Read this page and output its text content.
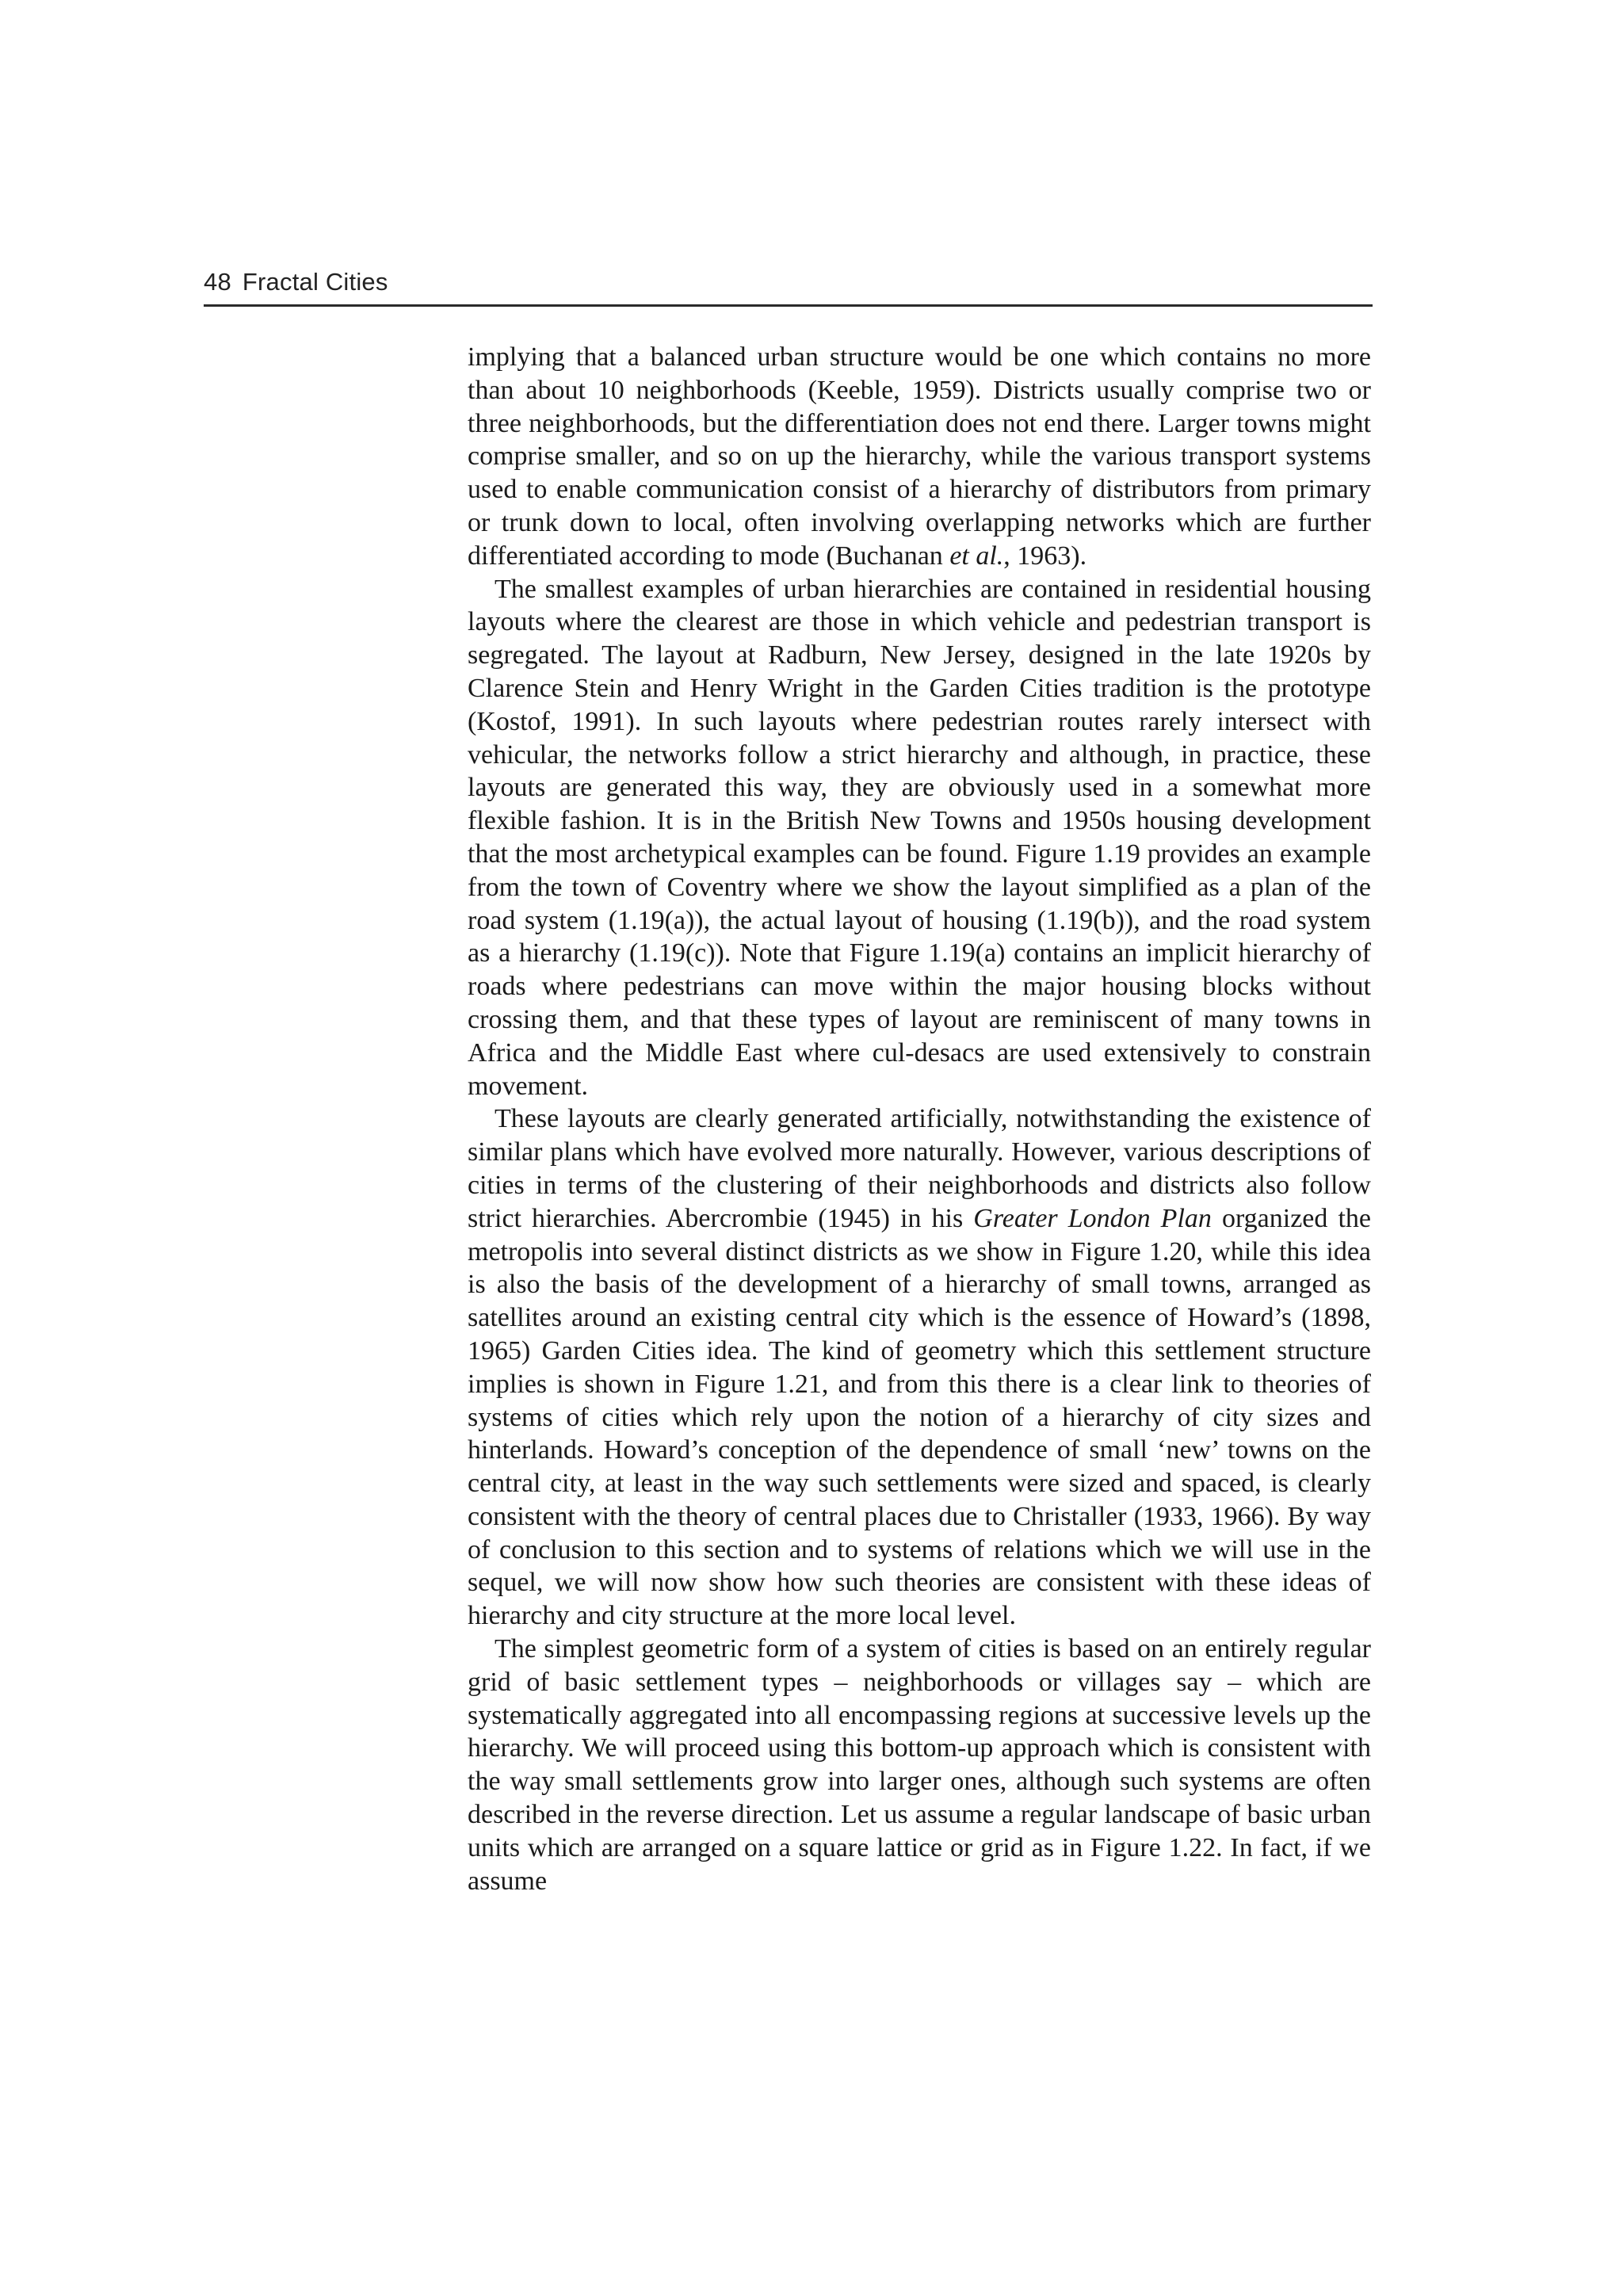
48 Fractal Cities

implying that a balanced urban structure would be one which contains no more than about 10 neighborhoods (Keeble, 1959). Districts usually comprise two or three neighborhoods, but the differentiation does not end there. Larger towns might comprise smaller, and so on up the hierarchy, while the various transport systems used to enable communication consist of a hierarchy of distributors from primary or trunk down to local, often involving overlapping networks which are further differentiated according to mode (Buchanan et al., 1963).

The smallest examples of urban hierarchies are contained in residential housing layouts where the clearest are those in which vehicle and pedestrian transport is segregated. The layout at Radburn, New Jersey, designed in the late 1920s by Clarence Stein and Henry Wright in the Garden Cities tradition is the prototype (Kostof, 1991). In such layouts where pedestrian routes rarely intersect with vehicular, the networks follow a strict hierarchy and although, in practice, these layouts are generated this way, they are obviously used in a somewhat more flexible fashion. It is in the British New Towns and 1950s housing development that the most archetypical examples can be found. Figure 1.19 provides an example from the town of Coventry where we show the layout simplified as a plan of the road system (1.19(a)), the actual layout of housing (1.19(b)), and the road system as a hierarchy (1.19(c)). Note that Figure 1.19(a) contains an implicit hierarchy of roads where pedestrians can move within the major housing blocks without crossing them, and that these types of layout are reminiscent of many towns in Africa and the Middle East where cul-desacs are used extensively to constrain movement.

These layouts are clearly generated artificially, notwithstanding the existence of similar plans which have evolved more naturally. However, various descriptions of cities in terms of the clustering of their neighborhoods and districts also follow strict hierarchies. Abercrombie (1945) in his Greater London Plan organized the metropolis into several distinct districts as we show in Figure 1.20, while this idea is also the basis of the development of a hierarchy of small towns, arranged as satellites around an existing central city which is the essence of Howard’s (1898, 1965) Garden Cities idea. The kind of geometry which this settlement structure implies is shown in Figure 1.21, and from this there is a clear link to theories of systems of cities which rely upon the notion of a hierarchy of city sizes and hinterlands. Howard’s conception of the dependence of small ‘new’ towns on the central city, at least in the way such settlements were sized and spaced, is clearly consistent with the theory of central places due to Christaller (1933, 1966). By way of conclusion to this section and to systems of relations which we will use in the sequel, we will now show how such theories are consistent with these ideas of hierarchy and city structure at the more local level.

The simplest geometric form of a system of cities is based on an entirely regular grid of basic settlement types – neighborhoods or villages say – which are systematically aggregated into all encompassing regions at successive levels up the hierarchy. We will proceed using this bottom-up approach which is consistent with the way small settlements grow into larger ones, although such systems are often described in the reverse direction. Let us assume a regular landscape of basic urban units which are arranged on a square lattice or grid as in Figure 1.22. In fact, if we assume
